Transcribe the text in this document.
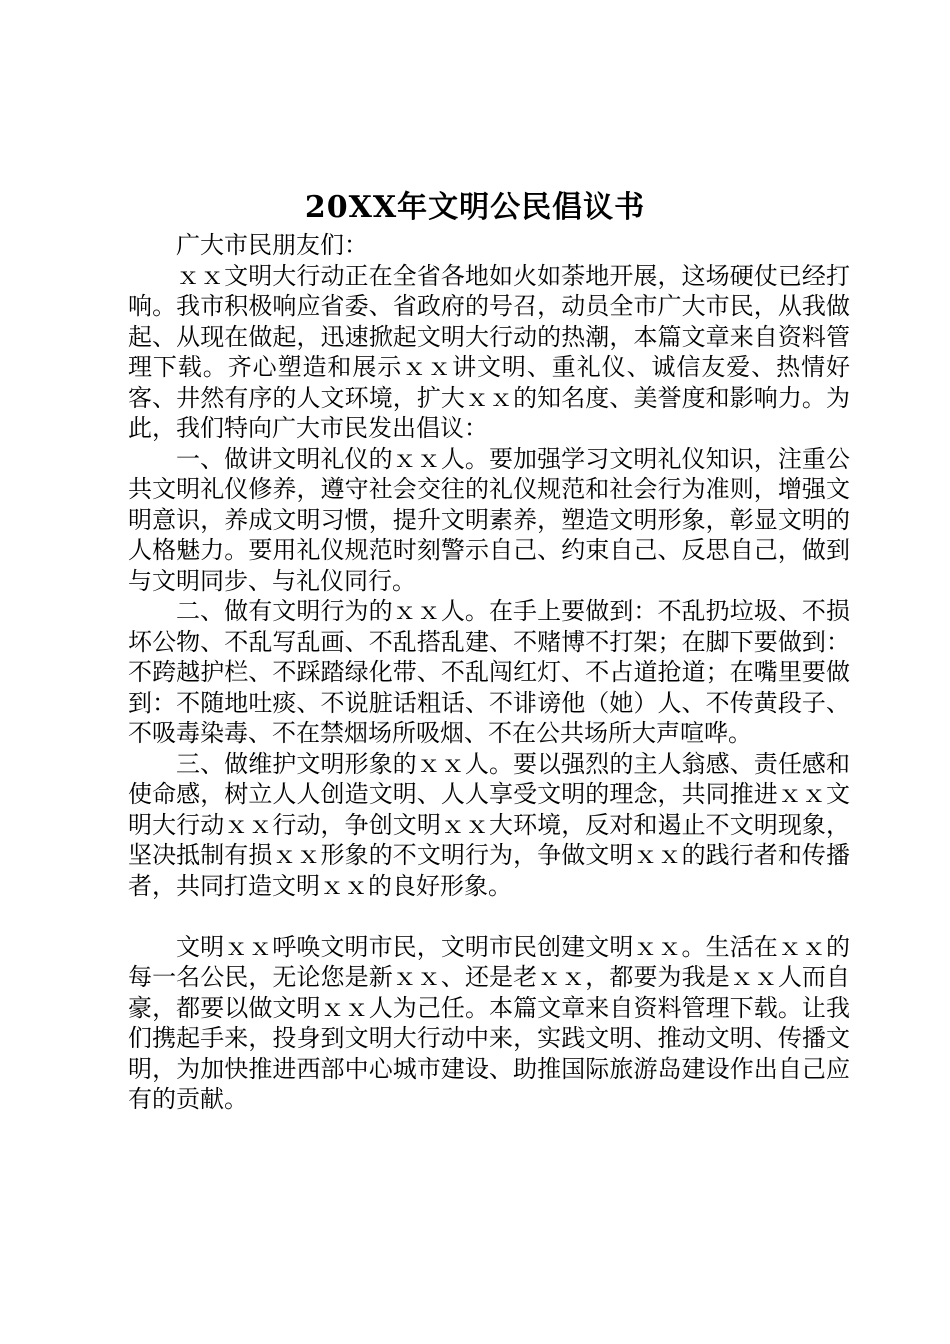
20XX年文明公民倡议书

广大市民朋友们：

ｘｘ文明大行动正在全省各地如火如荼地开展，这场硬仗已经打响。我市积极响应省委、省政府的号召，动员全市广大市民，从我做起、从现在做起，迅速掀起文明大行动的热潮，本篇文章来自资料管理下载。齐心塑造和展示ｘｘ讲文明、重礼仪、诚信友爱、热情好客、井然有序的人文环境，扩大ｘｘ的知名度、美誉度和影响力。为此，我们特向广大市民发出倡议：

一、做讲文明礼仪的ｘｘ人。要加强学习文明礼仪知识，注重公共文明礼仪修养，遵守社会交往的礼仪规范和社会行为准则，增强文明意识，养成文明习惯，提升文明素养，塑造文明形象，彰显文明的人格魅力。要用礼仪规范时刻警示自己、约束自己、反思自己，做到与文明同步、与礼仪同行。

二、做有文明行为的ｘｘ人。在手上要做到：不乱扔垃圾、不损坏公物、不乱写乱画、不乱搭乱建、不赌博不打架；在脚下要做到：不跨越护栏、不踩踏绿化带、不乱闯红灯、不占道抢道；在嘴里要做到：不随地吐痰、不说脏话粗话、不诽谤他（她）人、不传黄段子、不吸毒染毒、不在禁烟场所吸烟、不在公共场所大声喧哗。

三、做维护文明形象的ｘｘ人。要以强烈的主人翁感、责任感和使命感，树立人人创造文明、人人享受文明的理念，共同推进ｘｘ文明大行动ｘｘ行动，争创文明ｘｘ大环境，反对和遏止不文明现象，坚决抵制有损ｘｘ形象的不文明行为，争做文明ｘｘ的践行者和传播者，共同打造文明ｘｘ的良好形象。

文明ｘｘ呼唤文明市民，文明市民创建文明ｘｘ。生活在ｘｘ的每一名公民，无论您是新ｘｘ、还是老ｘｘ，都要为我是ｘｘ人而自豪，都要以做文明ｘｘ人为己任。本篇文章来自资料管理下载。让我们携起手来，投身到文明大行动中来，实践文明、推动文明、传播文明，为加快推进西部中心城市建设、助推国际旅游岛建设作出自己应有的贡献。
